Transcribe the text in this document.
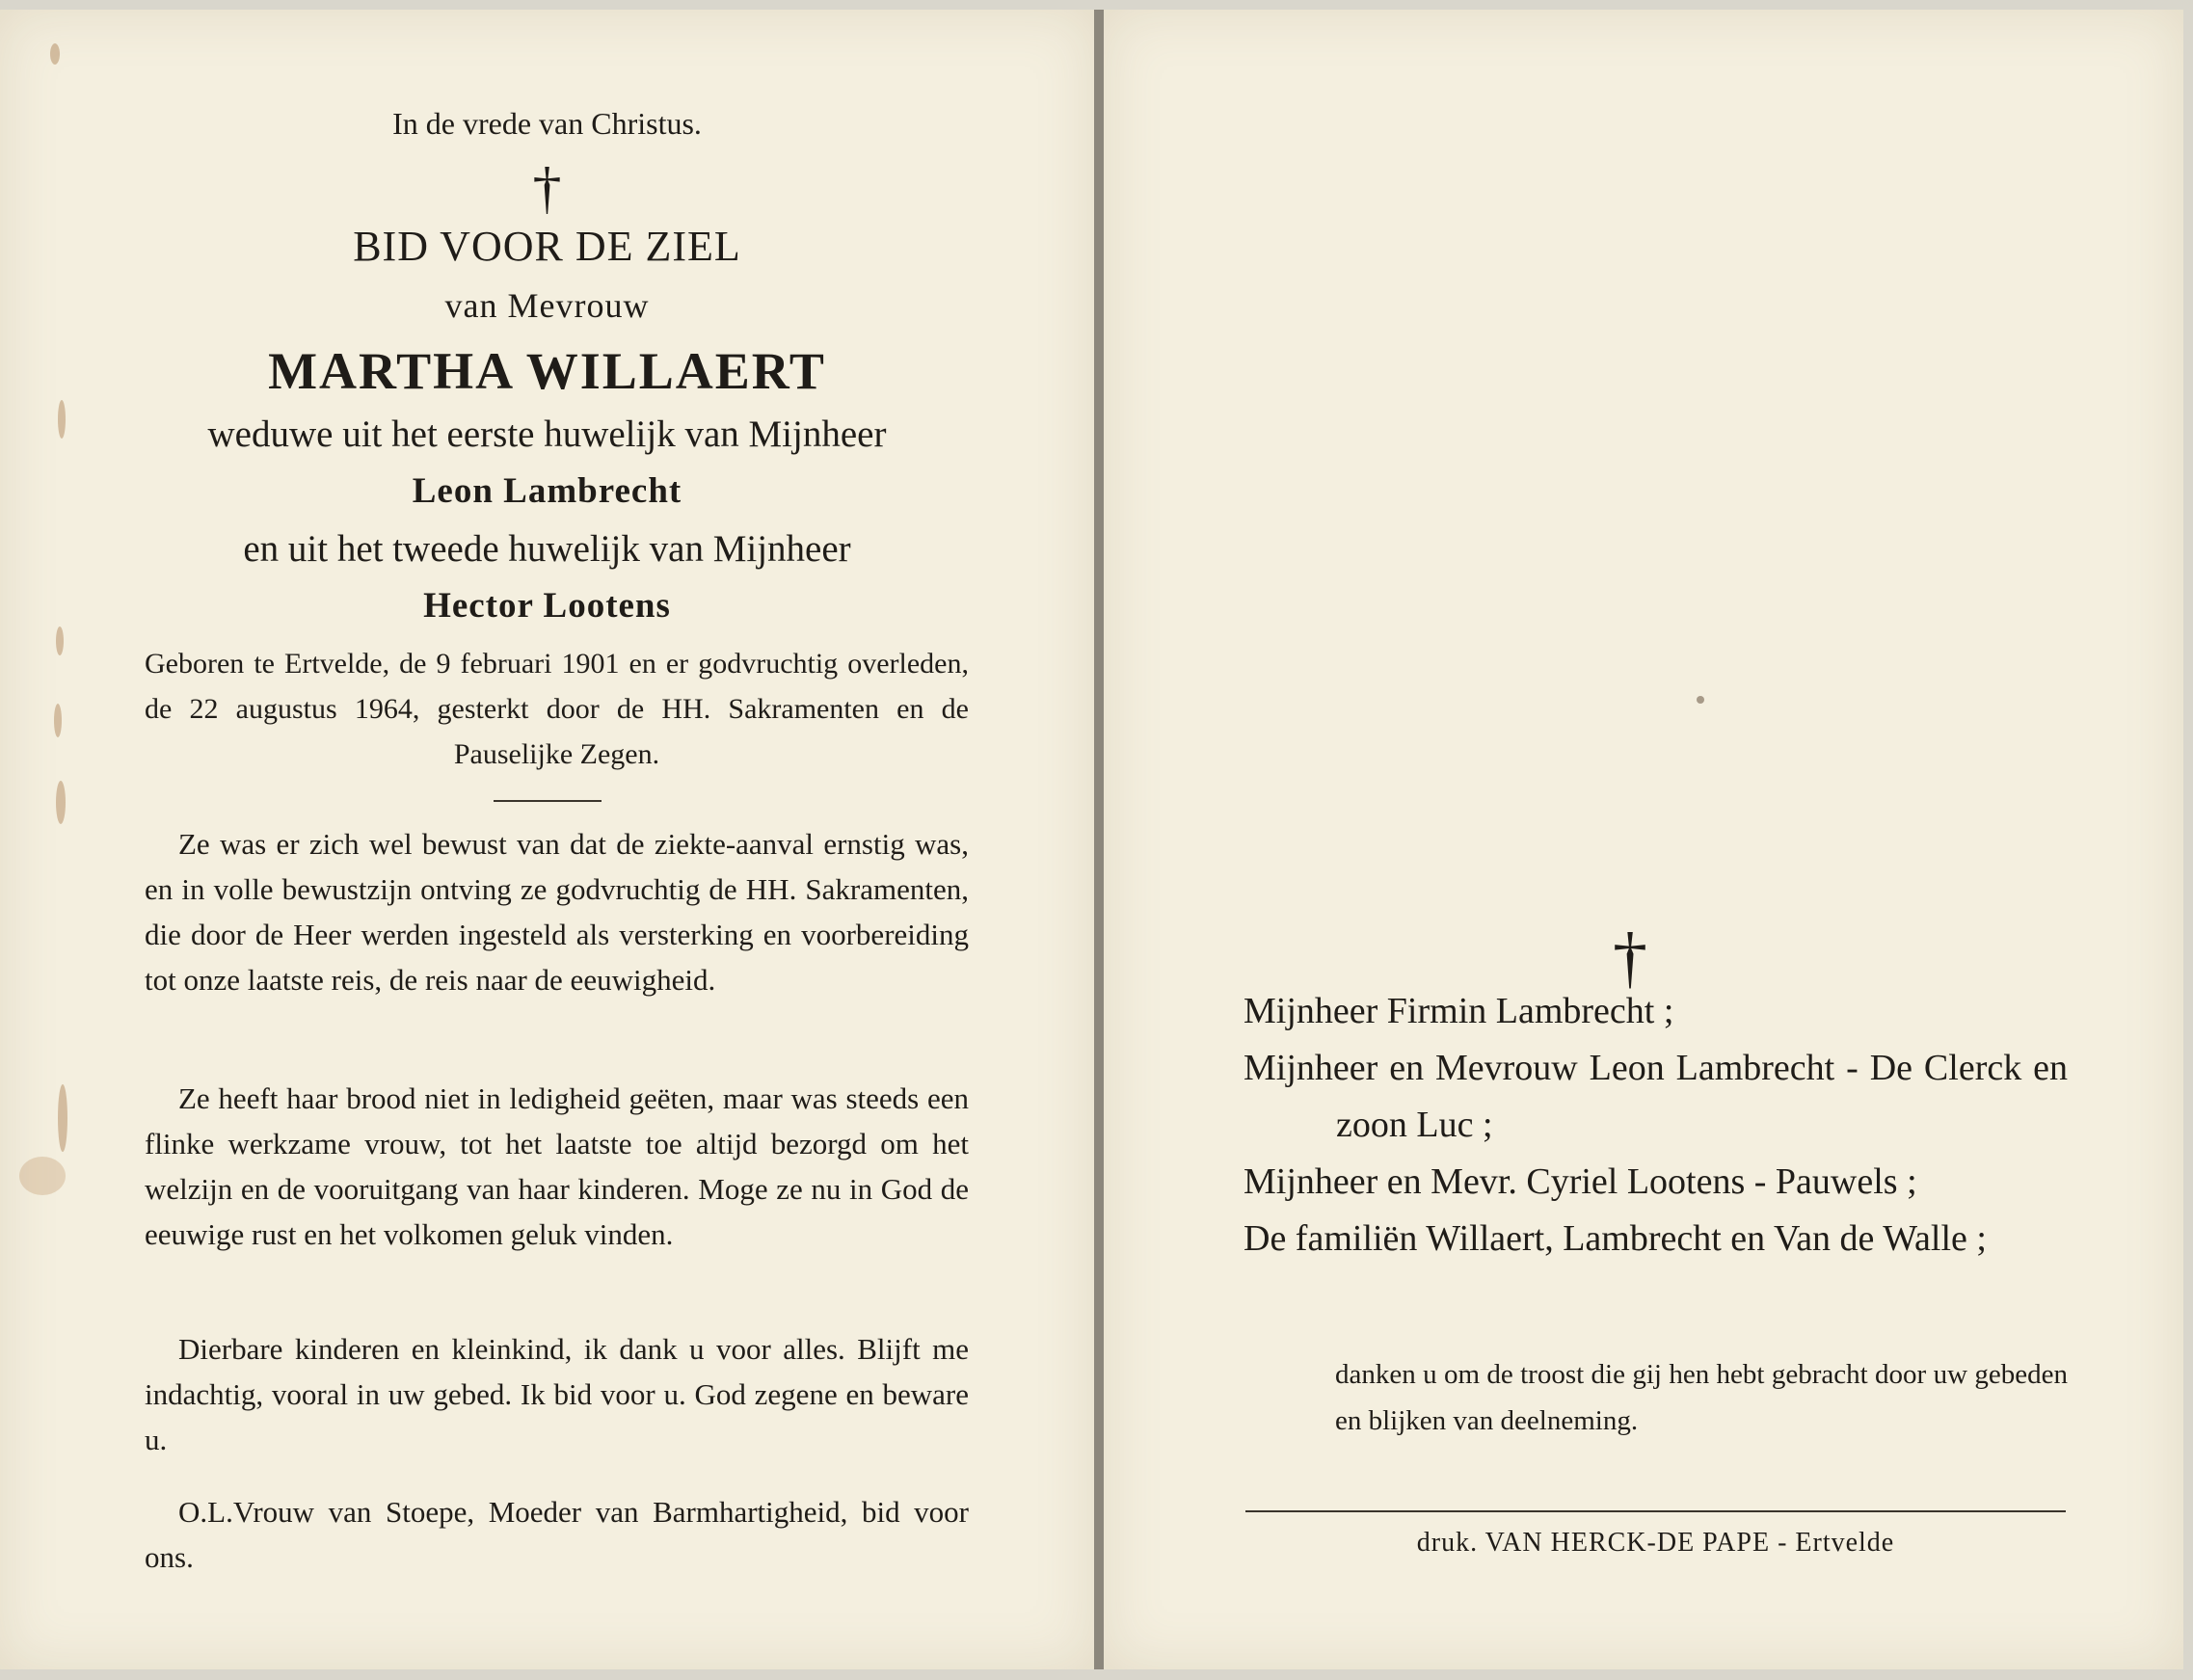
In de vrede van Christus.

†

BID VOOR DE ZIEL

van Mevrouw

MARTHA WILLAERT

weduwe uit het eerste huwelijk van Mijnheer

Leon Lambrecht

en uit het tweede huwelijk van Mijnheer

Hector Lootens

Geboren te Ertvelde, de 9 februari 1901 en er godvruchtig overleden, de 22 augustus 1964, gesterkt door de HH. Sakramenten en de Pauselijke Zegen.

Ze was er zich wel bewust van dat de ziekte-aanval ernstig was, en in volle bewustzijn ontving ze godvruchtig de HH. Sakramenten, die door de Heer werden ingesteld als versterking en voorbereiding tot onze laatste reis, de reis naar de eeuwigheid.

Ze heeft haar brood niet in ledigheid geëten, maar was steeds een flinke werkzame vrouw, tot het laatste toe altijd bezorgd om het welzijn en de vooruitgang van haar kinderen. Moge ze nu in God de eeuwige rust en het volkomen geluk vinden.

Dierbare kinderen en kleinkind, ik dank u voor alles. Blijft me indachtig, vooral in uw gebed. Ik bid voor u. God zegene en beware u.

O.L.Vrouw van Stoepe, Moeder van Barmhartigheid, bid voor ons.

†

Mijnheer Firmin Lambrecht ;

Mijnheer en Mevrouw Leon Lambrecht - De Clerck en zoon Luc ;

Mijnheer en Mevr. Cyriel Lootens - Pauwels ;

De familiën Willaert, Lambrecht en Van de Walle ;

danken u om de troost die gij hen hebt gebracht door uw gebeden en blijken van deelneming.

druk. VAN HERCK-DE PAPE - Ertvelde
